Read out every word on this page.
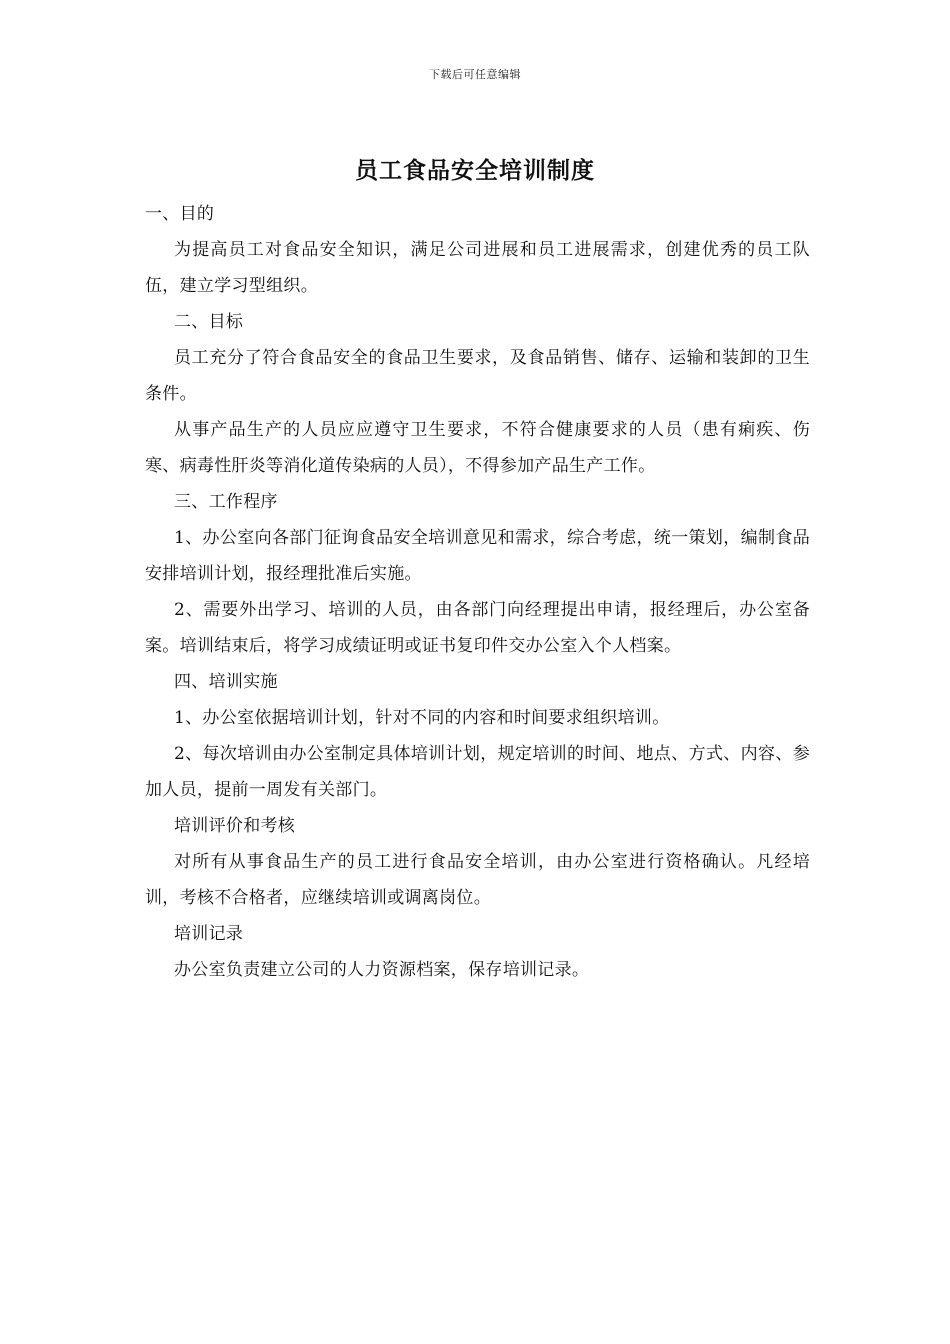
下载后可任意编辑
员工食品安全培训制度

一、目的

为提高员工对食品安全知识，满足公司进展和员工进展需求，创建优秀的员工队伍，建立学习型组织。

二、目标

员工充分了符合食品安全的食品卫生要求，及食品销售、储存、运输和装卸的卫生条件。

从事产品生产的人员应应遵守卫生要求，不符合健康要求的人员（患有痢疾、伤寒、病毒性肝炎等消化道传染病的人员），不得参加产品生产工作。

三、工作程序

1、办公室向各部门征询食品安全培训意见和需求，综合考虑，统一策划，编制食品安排培训计划，报经理批准后实施。

2、需要外出学习、培训的人员，由各部门向经理提出申请，报经理后，办公室备案。培训结束后，将学习成绩证明或证书复印件交办公室入个人档案。

四、培训实施

1、办公室依据培训计划，针对不同的内容和时间要求组织培训。

2、每次培训由办公室制定具体培训计划，规定培训的时间、地点、方式、内容、参加人员，提前一周发有关部门。

培训评价和考核

对所有从事食品生产的员工进行食品安全培训，由办公室进行资格确认。凡经培训，考核不合格者，应继续培训或调离岗位。

培训记录

办公室负责建立公司的人力资源档案，保存培训记录。
